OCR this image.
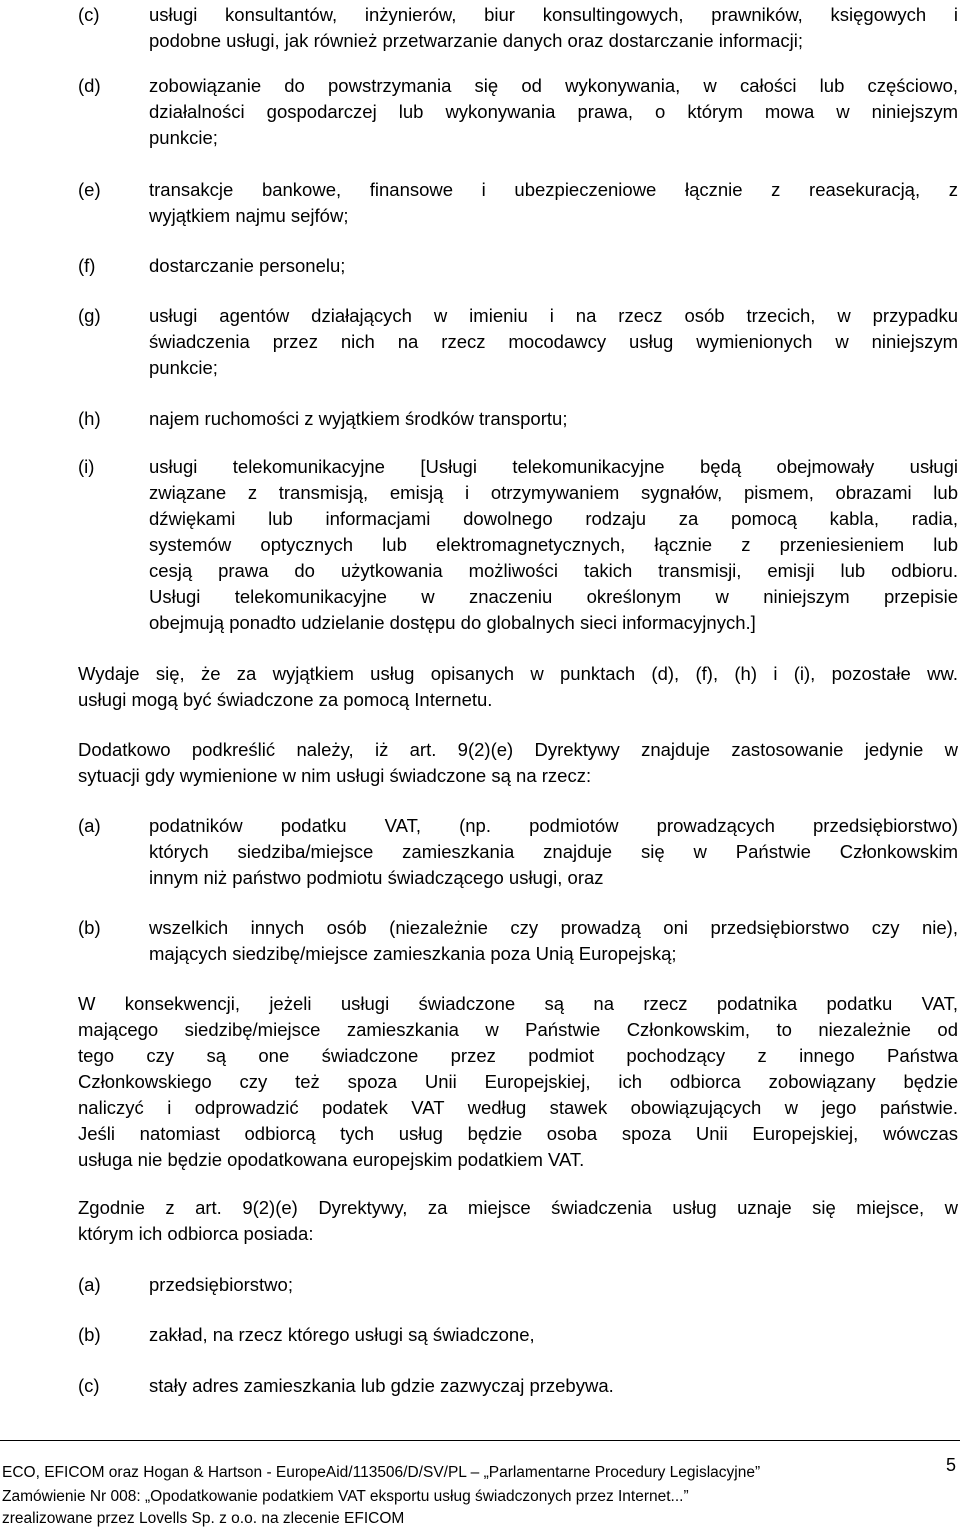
(c)	usługi konsultantów, inżynierów, biur konsultingowych, prawników, księgowych i
podobne usługi, jak również przetwarzanie danych oraz dostarczanie informacji;
(d)	zobowiązanie do powstrzymania się od wykonywania, w całości lub częściowo,
działalności gospodarczej lub wykonywania prawa, o którym mowa w niniejszym
punkcie;
(e)	transakcje bankowe, finansowe i ubezpieczeniowe łącznie z reasekuracją, z
wyjątkiem najmu sejfów;
(f)	dostarczanie personelu;
(g)	usługi agentów działających w imieniu i na rzecz osób trzecich, w przypadku
świadczenia przez nich na rzecz mocodawcy usług wymienionych w niniejszym
punkcie;
(h)	najem ruchomości z wyjątkiem środków transportu;
(i)	usługi telekomunikacyjne [Usługi telekomunikacyjne będą obejmowały usługi
związane z transmisją, emisją i otrzymywaniem sygnałów, pismem, obrazami lub
dźwiękami lub informacjami dowolnego rodzaju za pomocą kabla, radia,
systemów optycznych lub elektromagnetycznych, łącznie z przeniesieniem lub
cesją prawa do użytkowania możliwości takich transmisji, emisji lub odbioru.
Usługi telekomunikacyjne w znaczeniu określonym w niniejszym przepisie
obejmują ponadto udzielanie dostępu do globalnych sieci informacyjnych.]
Wydaje się, że za wyjątkiem usług opisanych w punktach (d), (f), (h) i (i), pozostałe ww.
usługi mogą być świadczone za pomocą Internetu.
Dodatkowo podkreślić należy, iż art. 9(2)(e) Dyrektywy znajduje zastosowanie jedynie w
sytuacji gdy wymienione w nim usługi świadczone są na rzecz:
(a)	podatników podatku VAT, (np. podmiotów prowadzących przedsiębiorstwo)
których siedziba/miejsce zamieszkania znajduje się w Państwie Członkowskim
innym niż państwo podmiotu świadczącego usługi, oraz
(b)	wszelkich innych osób (niezależnie czy prowadzą oni przedsiębiorstwo czy nie),
mających siedzibę/miejsce zamieszkania poza Unią Europejską;
W konsekwencji, jeżeli usługi świadczone są na rzecz podatnika podatku VAT,
mającego siedzibę/miejsce zamieszkania w Państwie Członkowskim, to niezależnie od
tego czy są one świadczone przez podmiot pochodzący z innego Państwa
Członkowskiego czy też spoza Unii Europejskiej, ich odbiorca zobowiązany będzie
naliczyć i odprowadzić podatek VAT według stawek obowiązujących w jego państwie.
Jeśli natomiast odbiorcą tych usług będzie osoba spoza Unii Europejskiej, wówczas
usługa nie będzie opodatkowana europejskim podatkiem VAT.
Zgodnie z art. 9(2)(e) Dyrektywy, za miejsce świadczenia usług uznaje się miejsce, w
którym ich odbiorca posiada:
(a)	przedsiębiorstwo;
(b)	zakład, na rzecz którego usługi są świadczone,
(c)	stały adres zamieszkania lub gdzie zazwyczaj przebywa.
ECO, EFICOM oraz Hogan & Hartson - EuropeAid/113506/D/SV/PL – „Parlamentarne Procedury Legislacyjne”
Zamówienie Nr 008: „Opodatkowanie podatkiem VAT eksportu usług świadczonych przez Internet...”
zrealizowane przez Lovells Sp. z o.o. na zlecenie EFICOM
5
